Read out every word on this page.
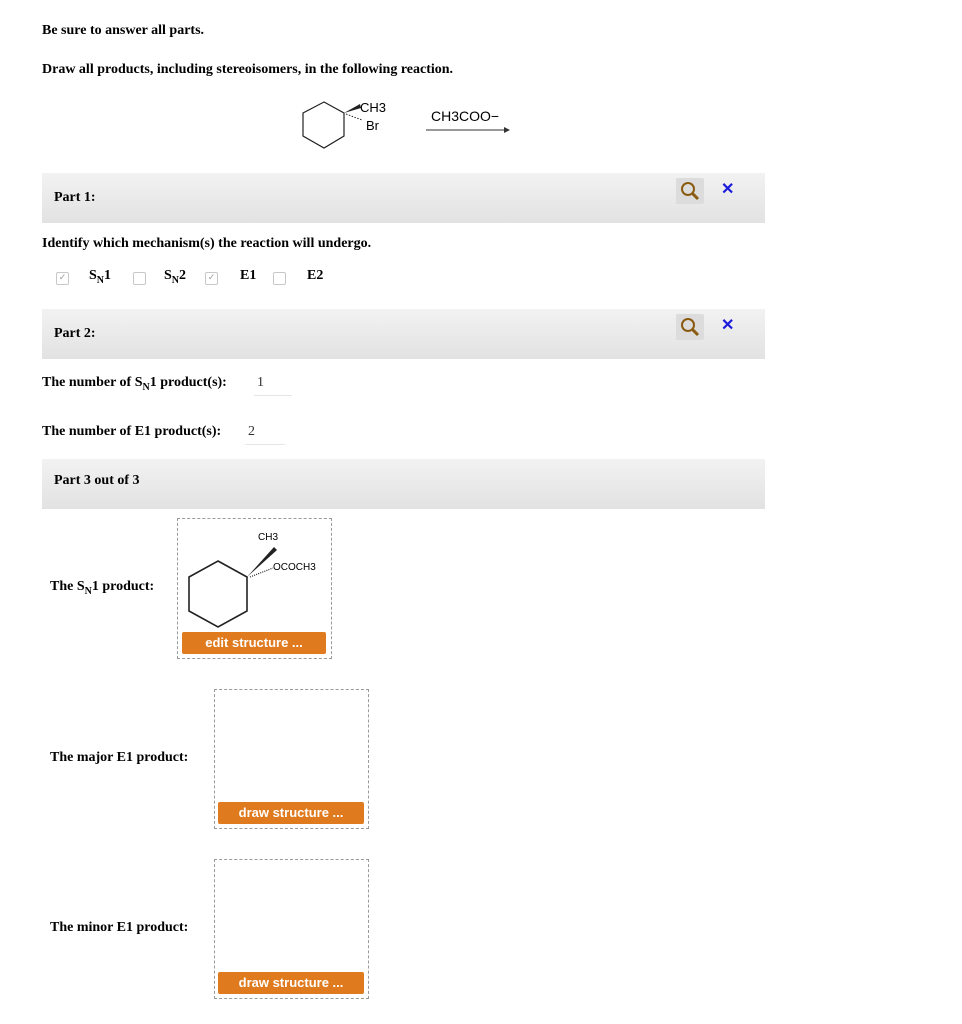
Be sure to answer all parts.
Draw all products, including stereoisomers, in the following reaction.
CH3
Br
CH3COO−
Part 1:	✕
Identify which mechanism(s) the reaction will undergo.
✓ $S_N1$	$S_N2$	✓ E1	E2
Part 2:	✕
The number of $S_N1$ product(s): 1
The number of E1 product(s): 2
Part 3 out of 3
The $S_N1$ product:
CH3
OCOCH3
edit structure ...
The major E1 product:
draw structure ...
The minor E1 product:
draw structure ...
